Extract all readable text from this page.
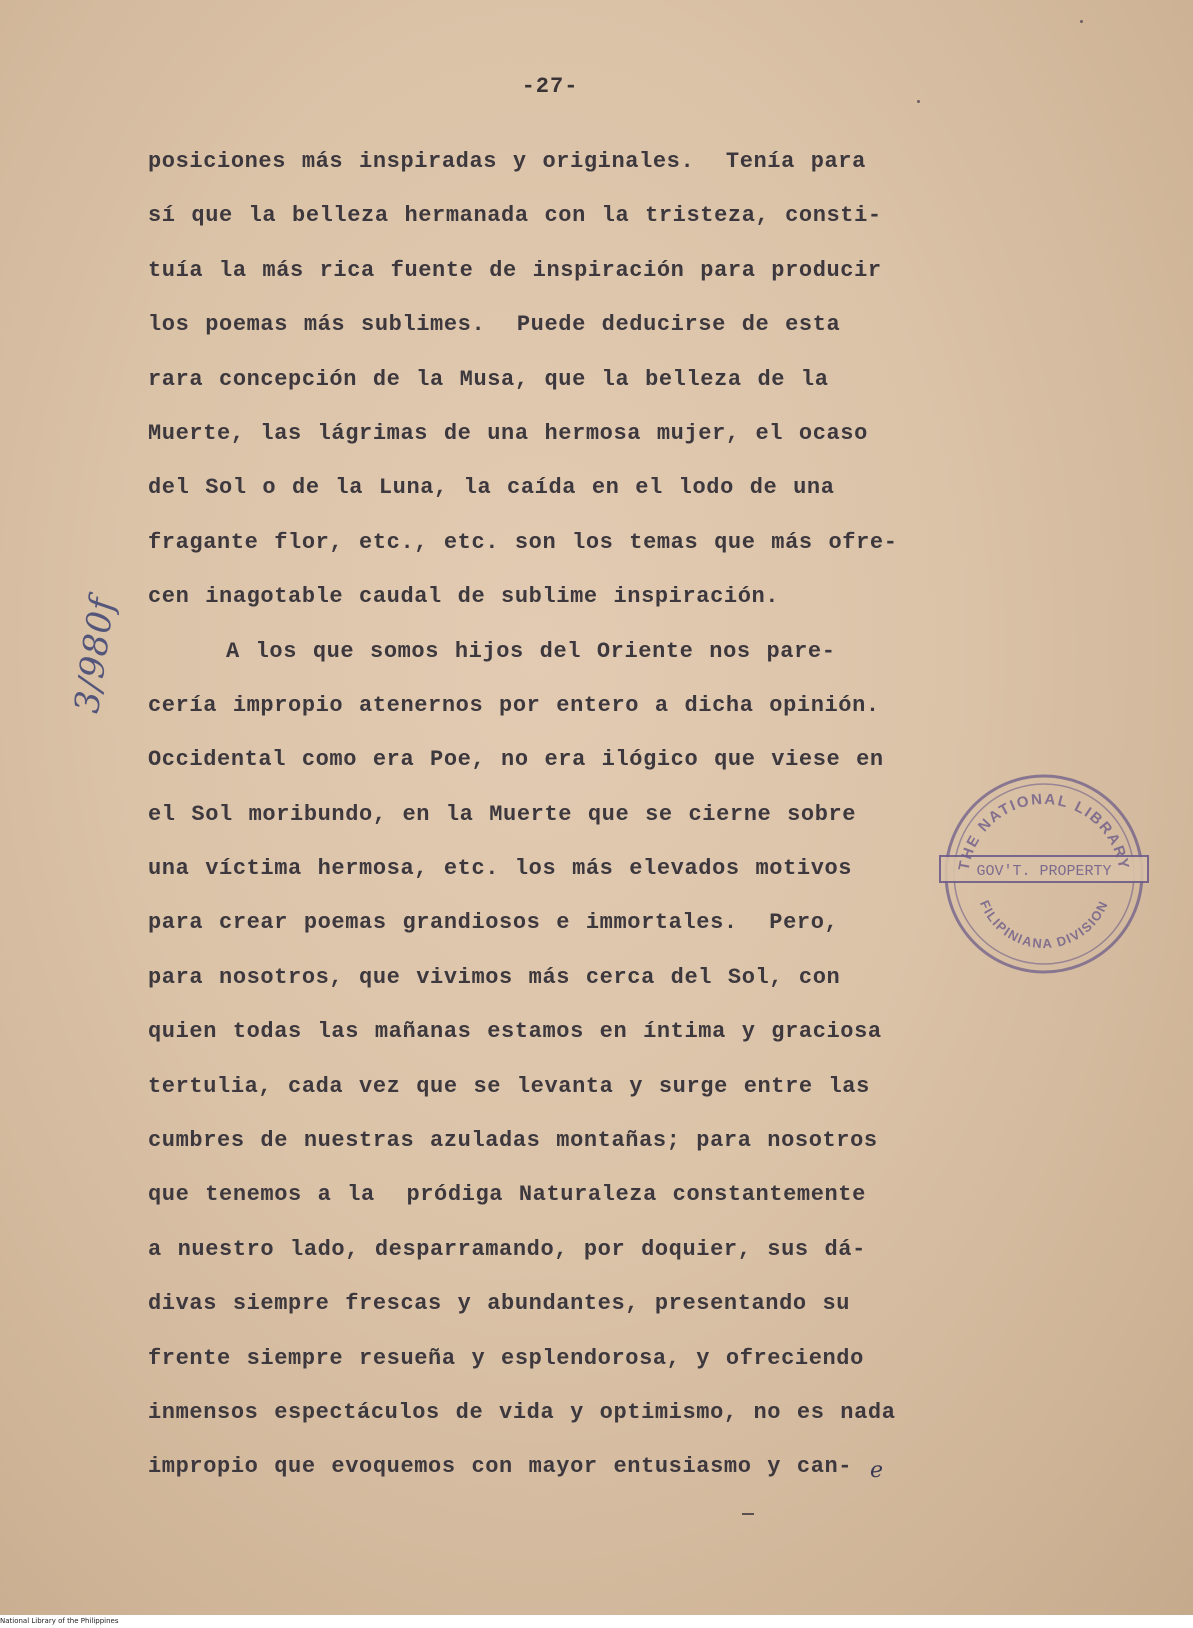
-27-
posiciones más inspiradas y originales.  Tenía para
sí que la belleza hermanada con la tristeza, consti-
tuía la más rica fuente de inspiración para producir
los poemas más sublimes.  Puede deducirse de esta
rara concepción de la Musa, que la belleza de la
Muerte, las lágrimas de una hermosa mujer, el ocaso
del Sol o de la Luna, la caída en el lodo de una
fragante flor, etc., etc. son los temas que más ofre-
cen inagotable caudal de sublime inspiración.
A los que somos hijos del Oriente nos pare-
cería impropio atenernos por entero a dicha opinión.
Occidental como era Poe, no era ilógico que viese en
el Sol moribundo, en la Muerte que se cierne sobre
una víctima hermosa, etc. los más elevados motivos
para crear poemas grandiosos e immortales.  Pero,
para nosotros, que vivimos más cerca del Sol, con
quien todas las mañanas estamos en íntima y graciosa
tertulia, cada vez que se levanta y surge entre las
cumbres de nuestras azuladas montañas; para nosotros
que tenemos a la  pródiga Naturaleza constantemente
a nuestro lado, desparramando, por doquier, sus dá-
divas siempre frescas y abundantes, presentando su
frente siempre resueña y esplendorosa, y ofreciendo
inmensos espectáculos de vida y optimismo, no es nada
impropio que evoquemos con mayor entusiasmo y can-
3/980f
e
THE NATIONAL LIBRARY
GOV'T. PROPERTY
FILIPINIANA DIVISION
National Library of the Philippines
